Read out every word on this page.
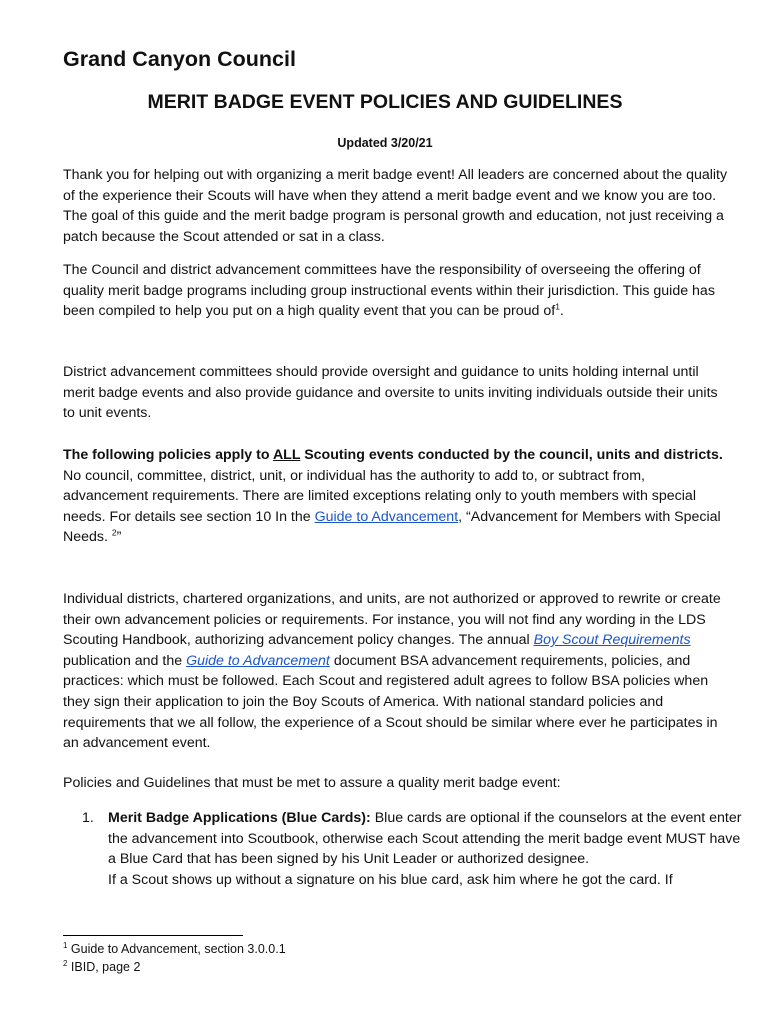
Grand Canyon Council
MERIT BADGE EVENT POLICIES AND GUIDELINES

Updated 3/20/21

Thank you for helping out with organizing a merit badge event! All leaders are concerned about the quality of the experience their Scouts will have when they attend a merit badge event and we know you are too. The goal of this guide and the merit badge program is personal growth and education, not just receiving a patch because the Scout attended or sat in a class.

The Council and district advancement committees have the responsibility of overseeing the offering of quality merit badge programs including group instructional events within their jurisdiction. This guide has been compiled to help you put on a high quality event that you can be proud $of^1$.

District advancement committees should provide oversight and guidance to units holding internal until merit badge events and also provide guidance and oversite to units inviting individuals outside their units to unit events.

The following policies apply to ALL Scouting events conducted by the council, units and districts.
No council, committee, district, unit, or individual has the authority to add to, or subtract from, advancement requirements. There are limited exceptions relating only to youth members with special needs. For details see section 10 In the Guide to Advancement, “Advancement for Members with Special Needs. $^2$”

Individual districts, chartered organizations, and units, are not authorized or approved to rewrite or create their own advancement policies or requirements. For instance, you will not find any wording in the LDS Scouting Handbook, authorizing advancement policy changes. The annual Boy Scout Requirements publication and the Guide to Advancement document BSA advancement requirements, policies, and practices: which must be followed. Each Scout and registered adult agrees to follow BSA policies when they sign their application to join the Boy Scouts of America. With national standard policies and requirements that we all follow, the experience of a Scout should be similar where ever he participates in an advancement event.

Policies and Guidelines that must be met to assure a quality merit badge event:

1. Merit Badge Applications (Blue Cards): Blue cards are optional if the counselors at the event enter the advancement into Scoutbook, otherwise each Scout attending the merit badge event MUST have a Blue Card that has been signed by his Unit Leader or authorized designee.
If a Scout shows up without a signature on his blue card, ask him where he got the card. If

$^1$ Guide to Advancement, section 3.0.0.1

$^2$ IBID, page 2
